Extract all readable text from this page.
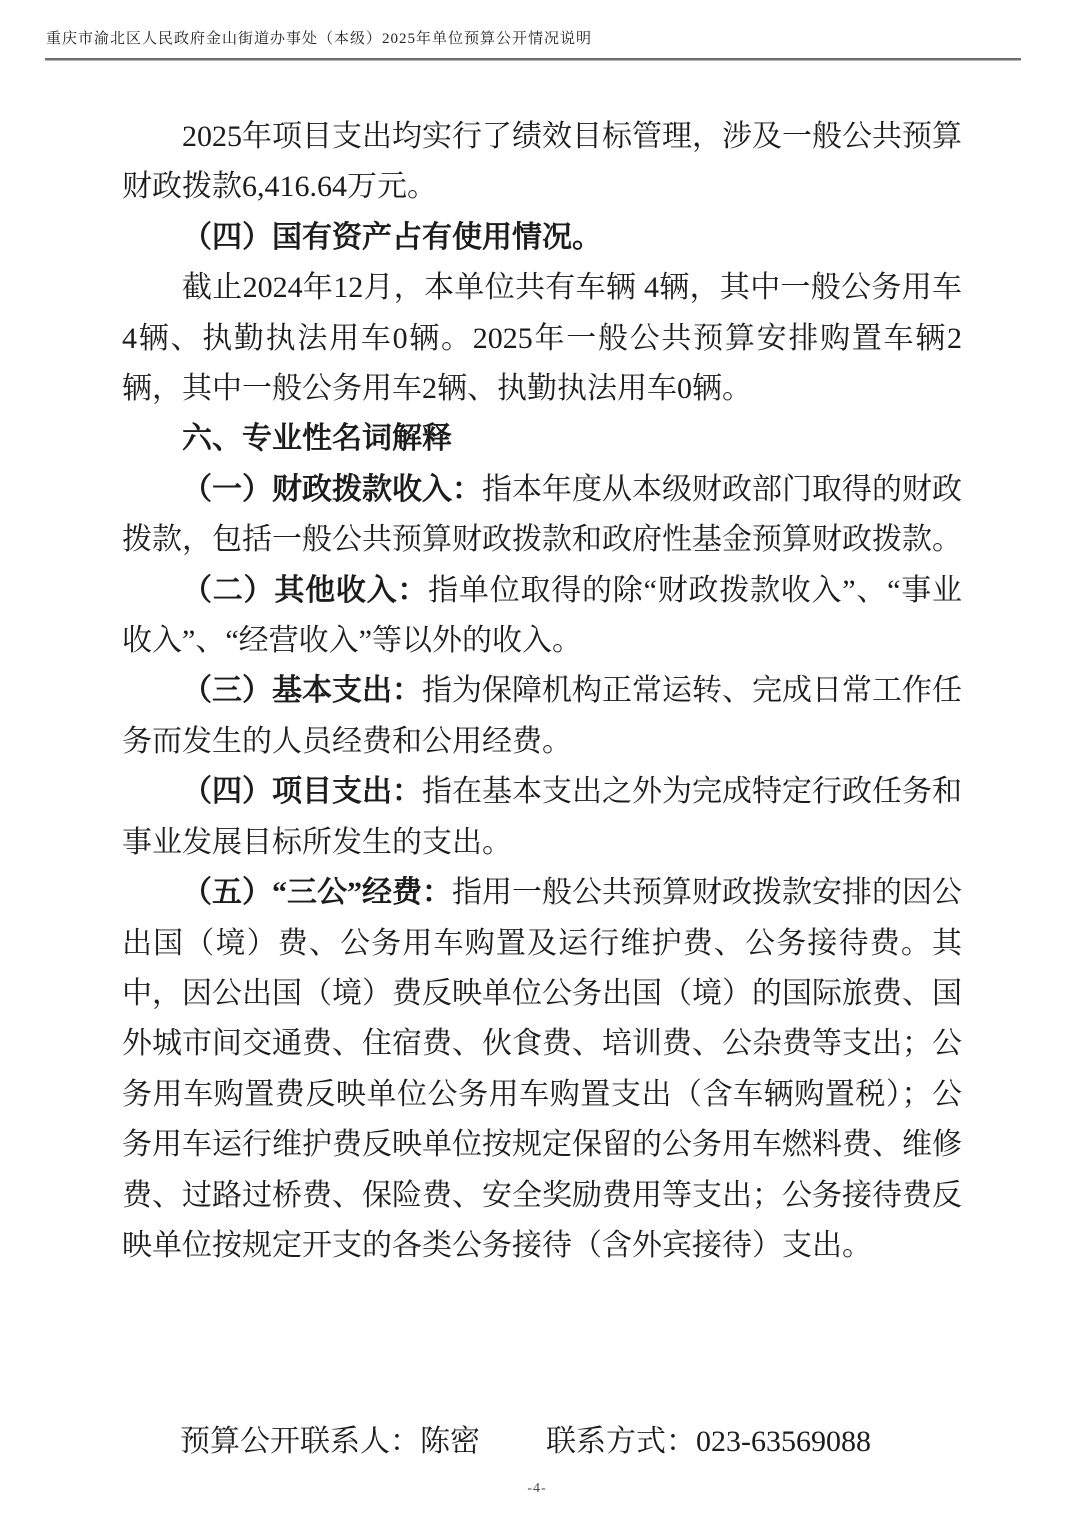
重庆市渝北区人民政府金山街道办事处（本级）2025年单位预算公开情况说明

2025年项目支出均实行了绩效目标管理，涉及一般公共预算财政拨款6,416.64万元。

（四）国有资产占有使用情况。

截止2024年12月，本单位共有车辆 4辆，其中一般公务用车4辆、执勤执法用车0辆。2025年一般公共预算安排购置车辆2辆，其中一般公务用车2辆、执勤执法用车0辆。

六、专业性名词解释

（一）财政拨款收入：指本年度从本级财政部门取得的财政拨款，包括一般公共预算财政拨款和政府性基金预算财政拨款。

（二）其他收入：指单位取得的除“财政拨款收入”、“事业收入”、“经营收入”等以外的收入。

（三）基本支出：指为保障机构正常运转、完成日常工作任务而发生的人员经费和公用经费。

（四）项目支出：指在基本支出之外为完成特定行政任务和事业发展目标所发生的支出。

（五）“三公”经费：指用一般公共预算财政拨款安排的因公出国（境）费、公务用车购置及运行维护费、公务接待费。其中，因公出国（境）费反映单位公务出国（境）的国际旅费、国外城市间交通费、住宿费、伙食费、培训费、公杂费等支出；公务用车购置费反映单位公务用车购置支出（含车辆购置税）；公务用车运行维护费反映单位按规定保留的公务用车燃料费、维修费、过路过桥费、保险费、安全奖励费用等支出；公务接待费反映单位按规定开支的各类公务接待（含外宾接待）支出。

预算公开联系人：陈密 联系方式：023-63569088
-4-
